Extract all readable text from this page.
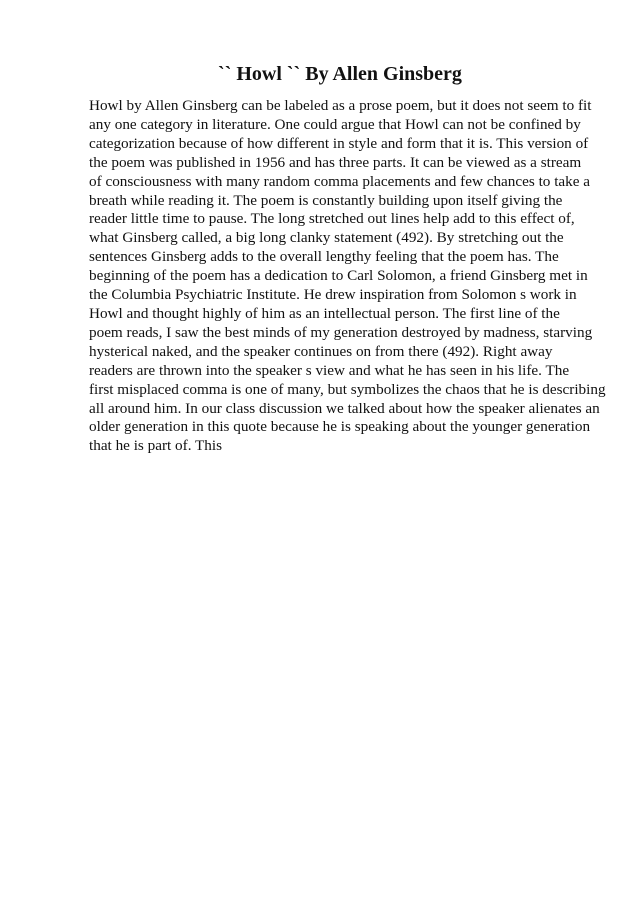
`` Howl `` By Allen Ginsberg
Howl by Allen Ginsberg can be labeled as a prose poem, but it does not seem to fit
any one category in literature. One could argue that Howl can not be confined by
categorization because of how different in style and form that it is. This version of
the poem was published in 1956 and has three parts. It can be viewed as a stream
of consciousness with many random comma placements and few chances to take a
breath while reading it. The poem is constantly building upon itself giving the
reader little time to pause. The long stretched out lines help add to this effect of,
what Ginsberg called, a big long clanky statement (492). By stretching out the
sentences Ginsberg adds to the overall lengthy feeling that the poem has. The
beginning of the poem has a dedication to Carl Solomon, a friend Ginsberg met in
the Columbia Psychiatric Institute. He drew inspiration from Solomon s work in
Howl and thought highly of him as an intellectual person. The first line of the
poem reads, I saw the best minds of my generation destroyed by madness, starving
hysterical naked, and the speaker continues on from there (492). Right away
readers are thrown into the speaker s view and what he has seen in his life. The
first misplaced comma is one of many, but symbolizes the chaos that he is describing
all around him. In our class discussion we talked about how the speaker alienates an
older generation in this quote because he is speaking about the younger generation
that he is part of. This
